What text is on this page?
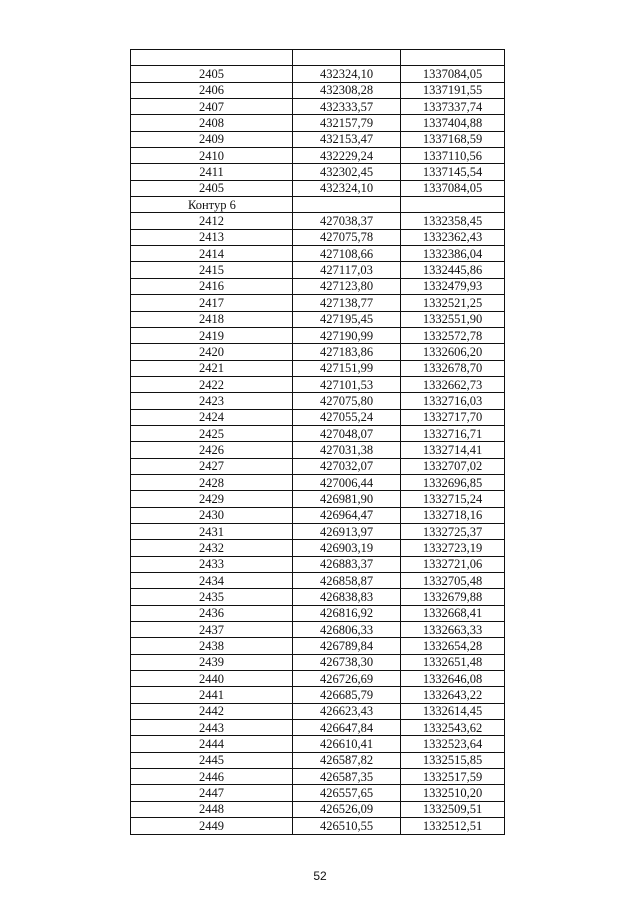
2405	432324,10	1337084,05
2406	432308,28	1337191,55
2407	432333,57	1337337,74
2408	432157,79	1337404,88
2409	432153,47	1337168,59
2410	432229,24	1337110,56
2411	432302,45	1337145,54
2405	432324,10	1337084,05
Контур 6		
2412	427038,37	1332358,45
2413	427075,78	1332362,43
2414	427108,66	1332386,04
2415	427117,03	1332445,86
2416	427123,80	1332479,93
2417	427138,77	1332521,25
2418	427195,45	1332551,90
2419	427190,99	1332572,78
2420	427183,86	1332606,20
2421	427151,99	1332678,70
2422	427101,53	1332662,73
2423	427075,80	1332716,03
2424	427055,24	1332717,70
2425	427048,07	1332716,71
2426	427031,38	1332714,41
2427	427032,07	1332707,02
2428	427006,44	1332696,85
2429	426981,90	1332715,24
2430	426964,47	1332718,16
2431	426913,97	1332725,37
2432	426903,19	1332723,19
2433	426883,37	1332721,06
2434	426858,87	1332705,48
2435	426838,83	1332679,88
2436	426816,92	1332668,41
2437	426806,33	1332663,33
2438	426789,84	1332654,28
2439	426738,30	1332651,48
2440	426726,69	1332646,08
2441	426685,79	1332643,22
2442	426623,43	1332614,45
2443	426647,84	1332543,62
2444	426610,41	1332523,64
2445	426587,82	1332515,85
2446	426587,35	1332517,59
2447	426557,65	1332510,20
2448	426526,09	1332509,51
2449	426510,55	1332512,51
52
